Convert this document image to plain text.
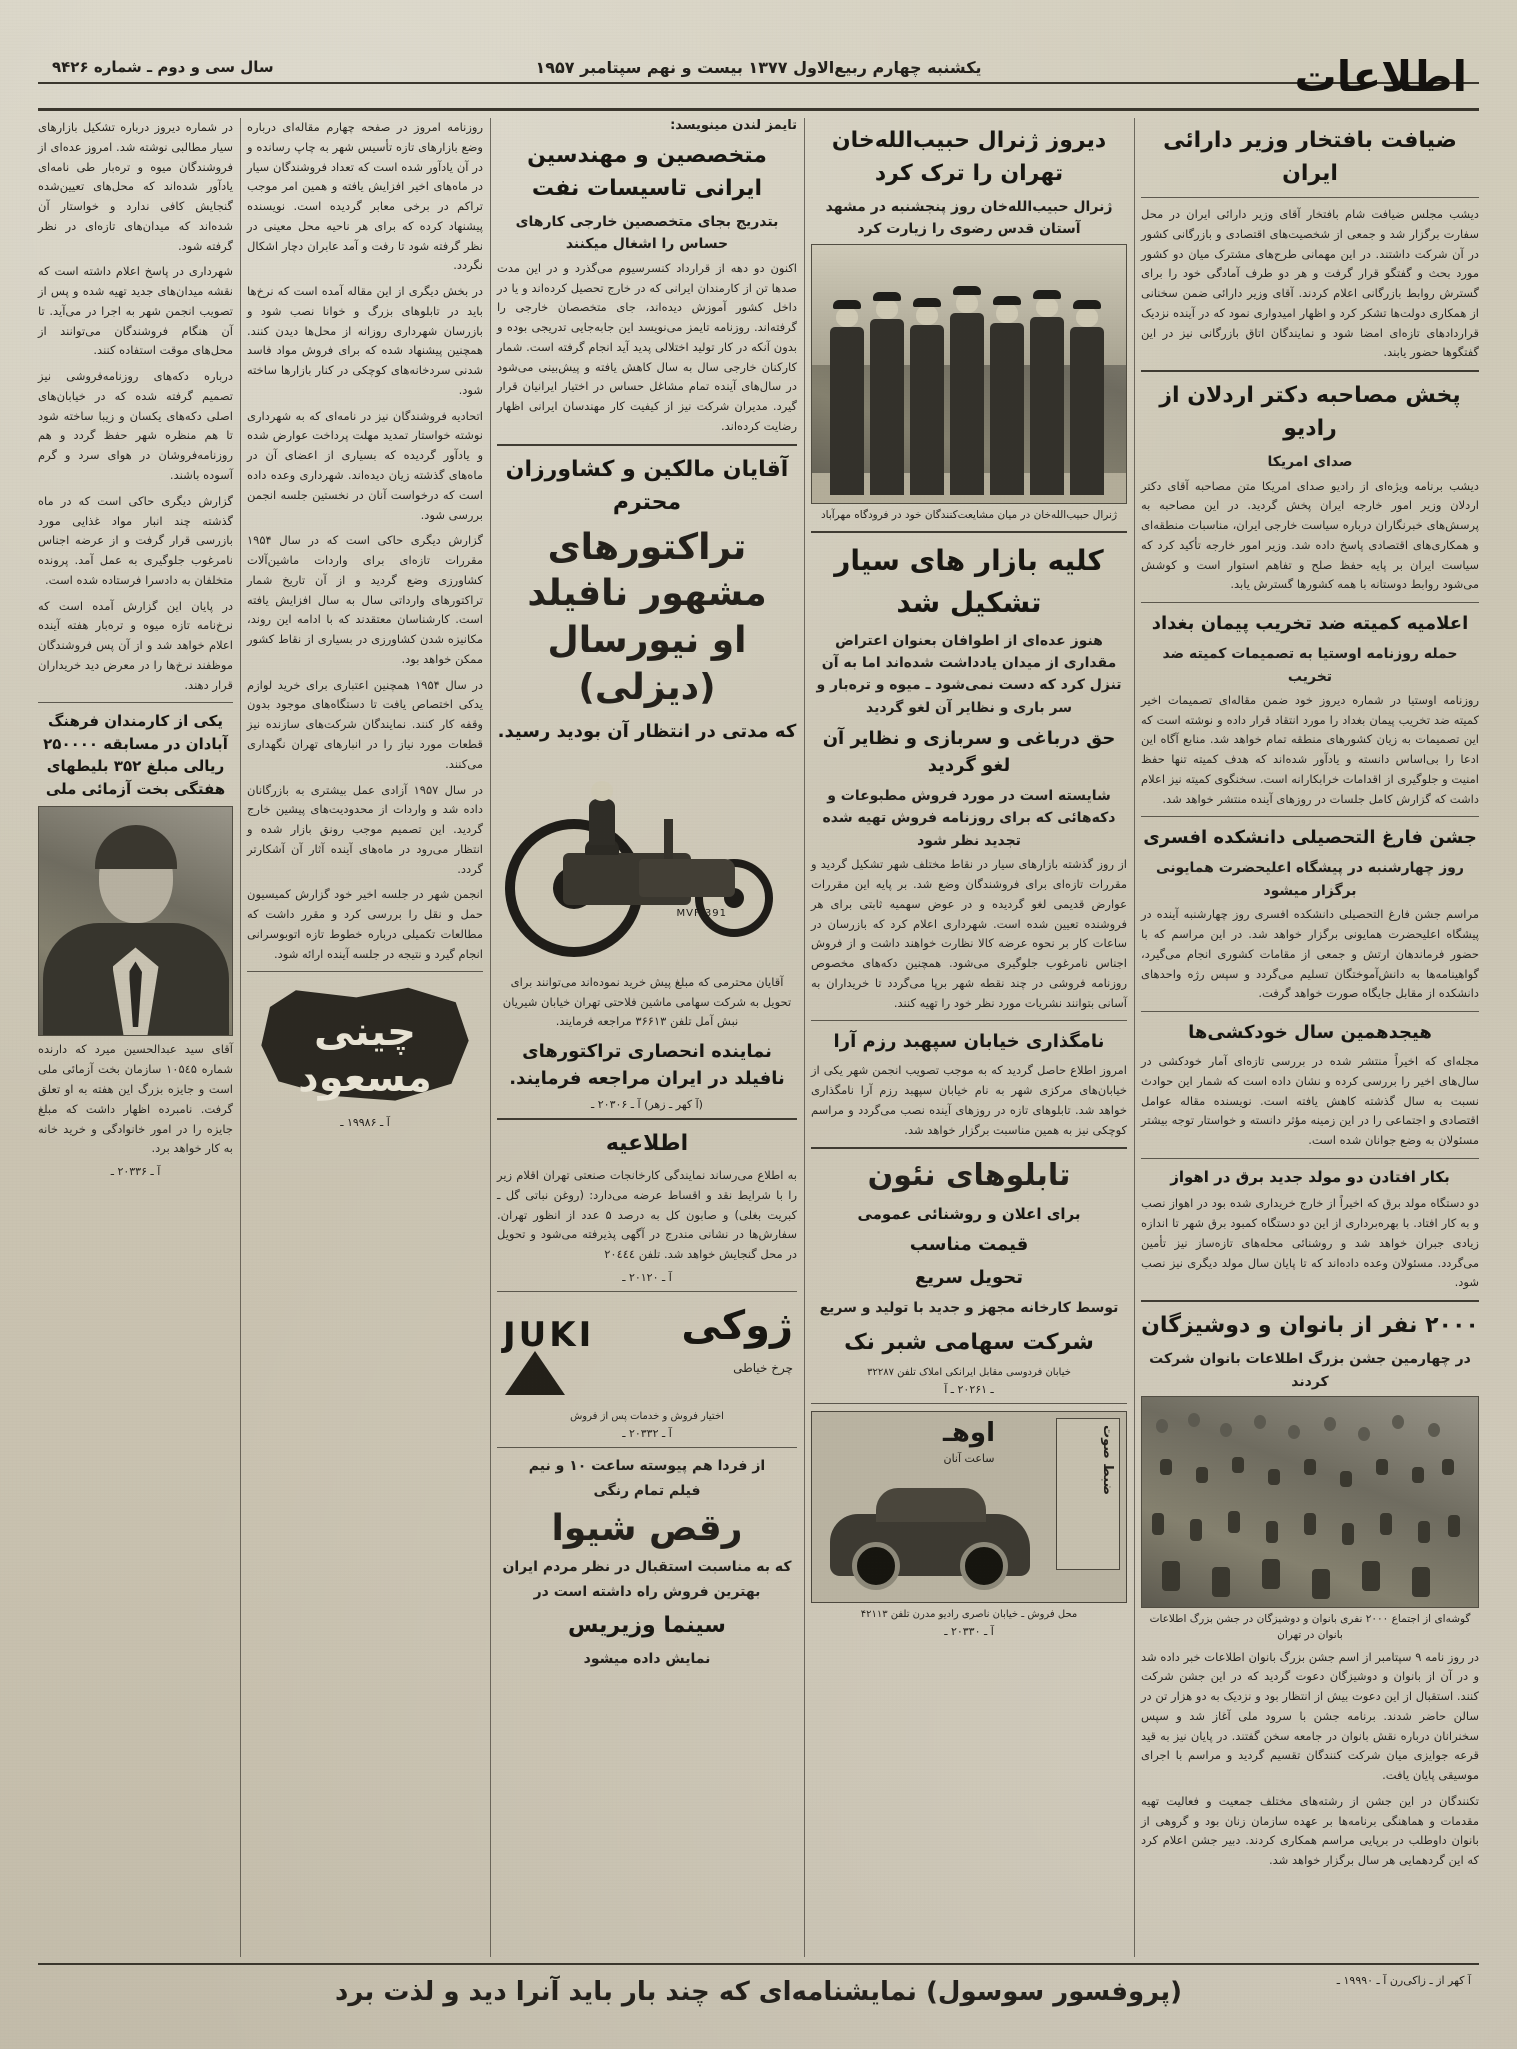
اطلاعات
یکشنبه چهارم ربیع‌الاول ۱۳۷۷ بیست و نهم سپتامبر ۱۹۵۷
سال سی و دوم ـ شماره ۹۴۲۶
ضیافت بافتخار وزیر دارائی ایران

دیشب مجلس ضیافت شام بافتخار آقای وزیر دارائی ایران در محل سفارت برگزار شد و جمعی از شخصیت‌های اقتصادی و بازرگانی کشور در آن شرکت داشتند. در این مهمانی طرح‌های مشترک میان دو کشور مورد بحث و گفتگو قرار گرفت و هر دو طرف آمادگی خود را برای گسترش روابط بازرگانی اعلام کردند. آقای وزیر دارائی ضمن سخنانی از همکاری دولت‌ها تشکر کرد و اظهار امیدواری نمود که در آینده نزدیک قراردادهای تازه‌ای امضا شود و نمایندگان اتاق بازرگانی نیز در این گفتگوها حضور یابند.

پخش مصاحبه دکتر اردلان از رادیو
صدای امریکا

دیشب برنامه ویژه‌ای از رادیو صدای امریکا متن مصاحبه آقای دکتر اردلان وزیر امور خارجه ایران پخش گردید. در این مصاحبه به پرسش‌های خبرنگاران درباره سیاست خارجی ایران، مناسبات منطقه‌ای و همکاری‌های اقتصادی پاسخ داده شد. وزیر امور خارجه تأکید کرد که سیاست ایران بر پایه حفظ صلح و تفاهم استوار است و کوشش می‌شود روابط دوستانه با همه کشورها گسترش یابد.

اعلامیه کمیته ضد تخریب پیمان بغداد
حمله روزنامه اوستیا به تصمیمات کمیته ضد تخریب

روزنامه اوستیا در شماره دیروز خود ضمن مقاله‌ای تصمیمات اخیر کمیته ضد تخریب پیمان بغداد را مورد انتقاد قرار داده و نوشته است که این تصمیمات به زیان کشورهای منطقه تمام خواهد شد. منابع آگاه این ادعا را بی‌اساس دانسته و یادآور شده‌اند که هدف کمیته تنها حفظ امنیت و جلوگیری از اقدامات خرابکارانه است. سخنگوی کمیته نیز اعلام داشت که گزارش کامل جلسات در روزهای آینده منتشر خواهد شد.

جشن فارغ التحصیلی دانشکده افسری
روز چهارشنبه در پیشگاه اعلیحضرت همایونی برگزار میشود

مراسم جشن فارغ التحصیلی دانشکده افسری روز چهارشنبه آینده در پیشگاه اعلیحضرت همایونی برگزار خواهد شد. در این مراسم که با حضور فرماندهان ارتش و جمعی از مقامات کشوری انجام می‌گیرد، گواهینامه‌ها به دانش‌آموختگان تسلیم می‌گردد و سپس رژه واحدهای دانشکده از مقابل جایگاه صورت خواهد گرفت.

هیجدهمین سال خودکشی‌ها

مجله‌ای که اخیراً منتشر شده در بررسی تازه‌ای آمار خودکشی در سال‌های اخیر را بررسی کرده و نشان داده است که شمار این حوادث نسبت به سال گذشته کاهش یافته است. نویسنده مقاله عوامل اقتصادی و اجتماعی را در این زمینه مؤثر دانسته و خواستار توجه بیشتر مسئولان به وضع جوانان شده است.

بکار افتادن دو مولد جدید برق در اهواز

دو دستگاه مولد برق که اخیراً از خارج خریداری شده بود در اهواز نصب و به کار افتاد. با بهره‌برداری از این دو دستگاه کمبود برق شهر تا اندازه زیادی جبران خواهد شد و روشنائی محله‌های تازه‌ساز نیز تأمین می‌گردد. مسئولان وعده داده‌اند که تا پایان سال مولد دیگری نیز نصب شود.

۲۰۰۰ نفر از بانوان و دوشیزگان
در چهارمین جشن بزرگ اطلاعات بانوان شرکت کردند
گوشه‌ای از اجتماع ۲۰۰۰ نفری بانوان و دوشیزگان در جشن بزرگ اطلاعات بانوان در تهران

در روز نامه ۹ سپتامبر از اسم جشن بزرگ بانوان اطلاعات خبر داده شد و در آن از بانوان و دوشیزگان دعوت گردید که در این جشن شرکت کنند. استقبال از این دعوت بیش از انتظار بود و نزدیک به دو هزار تن در سالن حاضر شدند. برنامه جشن با سرود ملی آغاز شد و سپس سخنرانان درباره نقش بانوان در جامعه سخن گفتند. در پایان نیز به قید قرعه جوایزی میان شرکت کنندگان تقسیم گردید و مراسم با اجرای موسیقی پایان یافت.

تکنندگان در این جشن از رشته‌های مختلف جمعیت و فعالیت تهیه مقدمات و هماهنگی برنامه‌ها بر عهده سازمان زنان بود و گروهی از بانوان داوطلب در برپایی مراسم همکاری کردند. دبیر جشن اعلام کرد که این گردهمایی هر سال برگزار خواهد شد.

دیروز ژنرال حبیب‌الله‌خان تهران را ترک کرد
ژنرال حبیب‌الله‌خان روز پنجشنبه در مشهد آستان قدس رضوی را زیارت کرد
ژنرال حبیب‌الله‌خان در میان مشایعت‌کنندگان خود در فرودگاه مهرآباد
کلیه بازار های سیار تشکیل شد
هنوز عده‌ای از اطوافان بعنوان اعتراض مقداری از میدان یادداشت شده‌اند اما به آن تنزل کرد که دست نمی‌شود ـ میوه و تره‌بار و سر باری و نظایر آن لغو گردید
حق درباغی و سربازی و نظایر آن لغو گردید
شایسته است در مورد فروش مطبوعات و دکه‌هائی که برای روزنامه فروش تهیه شده تجدید نظر شود

از روز گذشته بازارهای سیار در نقاط مختلف شهر تشکیل گردید و مقررات تازه‌ای برای فروشندگان وضع شد. بر پایه این مقررات عوارض قدیمی لغو گردیده و در عوض سهمیه ثابتی برای هر فروشنده تعیین شده است. شهرداری اعلام کرد که بازرسان در ساعات کار بر نحوه عرضه کالا نظارت خواهند داشت و از فروش اجناس نامرغوب جلوگیری می‌شود. همچنین دکه‌های مخصوص روزنامه فروشی در چند نقطه شهر برپا می‌گردد تا خریداران به آسانی بتوانند نشریات مورد نظر خود را تهیه کنند.

نامگذاری خیابان سپهبد رزم آرا

امروز اطلاع حاصل گردید که به موجب تصویب انجمن شهر یکی از خیابان‌های مرکزی شهر به نام خیابان سپهبد رزم آرا نامگذاری خواهد شد. تابلوهای تازه در روزهای آینده نصب می‌گردد و مراسم کوچکی نیز به همین مناسبت برگزار خواهد شد.

تابلوهای نئون
برای اعلان و روشنائی عمومی
قیمت مناسب
تحویل سریع
توسط کارخانه مجهز و جدید با تولید و سریع
شرکت سهامی شبر نک
خیابان فردوسی مقابل ایرانکی املاک تلفن ۳۲۲۸۷
ـ ۲۰۲۶۱ ـ آ
اوهـ
ساعت آنان	ضبط صوت
محل فروش ـ خیابان ناصری رادیو مدرن تلفن ۴۲۱۱۳
آ ـ ۲۰۳۳۰ ـ
تایمز لندن مینویسد:
متخصصین و مهندسین ایرانی تاسیسات نفت
بتدریج بجای متخصصین خارجی کارهای حساس را اشغال میکنند

اکنون دو دهه از قرارداد کنسرسیوم می‌گذرد و در این مدت صدها تن از کارمندان ایرانی که در خارج تحصیل کرده‌اند و یا در داخل کشور آموزش دیده‌اند، جای متخصصان خارجی را گرفته‌اند. روزنامه تایمز می‌نویسد این جابه‌جایی تدریجی بوده و بدون آنکه در کار تولید اختلالی پدید آید انجام گرفته است. شمار کارکنان خارجی سال به سال کاهش یافته و پیش‌بینی می‌شود در سال‌های آینده تمام مشاغل حساس در اختیار ایرانیان قرار گیرد. مدیران شرکت نیز از کیفیت کار مهندسان ایرانی اظهار رضایت کرده‌اند.

آقایان مالکین و کشاورزان محترم
تراکتورهای مشهور نافیلد
او نیورسال (دیزلی)
که مدتی در انتظار آن بودید رسید.
MVF 391

آقایان محترمی که مبلغ پیش خرید نموده‌اند می‌توانند برای تحویل به شرکت سهامی ماشین فلاحتی تهران خیابان شیریان نبش آمل تلفن ۳۶۶۱۳ مراجعه فرمایند.

نماینده انحصاری تراکتورهای نافیلد در ایران مراجعه فرمایند.
(آ کهر ـ زهر) آ ـ ۲۰۳۰۶ ـ
اطلاعیه

به اطلاع می‌رساند نمایندگی کارخانجات صنعتی تهران اقلام زیر را با شرایط نقد و اقساط عرضه می‌دارد: (روغن نباتی گل ـ کبریت بغلی) و صابون کل به درصد ۵ عدد از انظور تهران. سفارش‌ها در نشانی مندرج در آگهی پذیرفته می‌شود و تحویل در محل گنجایش خواهد شد. تلفن ۲۰٤٤٤

آ ـ ۲۰۱۲۰ ـ
JUKI ژوکی
چرخ خیاطی
اختیار فروش و خدمات پس از فروش
آ ـ ۲۰۳۳۲ ـ
از فردا هم پیوسته ساعت ۱۰ و نیم
فیلم تمام رنگی
رقص شیوا
که به مناسبت استقبال در نظر مردم ایران
بهترین فروش راه داشته است در
سینما وزیریس
نمایش داده میشود

روزنامه امروز در صفحه چهارم مقاله‌ای درباره وضع بازارهای تازه تأسیس شهر به چاپ رسانده و در آن یادآور شده است که تعداد فروشندگان سیار در ماه‌های اخیر افزایش یافته و همین امر موجب تراکم در برخی معابر گردیده است. نویسنده پیشنهاد کرده که برای هر ناحیه محل معینی در نظر گرفته شود تا رفت و آمد عابران دچار اشکال نگردد.

در بخش دیگری از این مقاله آمده است که نرخ‌ها باید در تابلوهای بزرگ و خوانا نصب شود و بازرسان شهرداری روزانه از محل‌ها دیدن کنند. همچنین پیشنهاد شده که برای فروش مواد فاسد شدنی سردخانه‌های کوچکی در کنار بازارها ساخته شود.

اتحادیه فروشندگان نیز در نامه‌ای که به شهرداری نوشته خواستار تمدید مهلت پرداخت عوارض شده و یادآور گردیده که بسیاری از اعضای آن در ماه‌های گذشته زیان دیده‌اند. شهرداری وعده داده است که درخواست آنان در نخستین جلسه انجمن بررسی شود.

گزارش دیگری حاکی است که در سال ۱۹۵۴ مقررات تازه‌ای برای واردات ماشین‌آلات کشاورزی وضع گردید و از آن تاریخ شمار تراکتورهای وارداتی سال به سال افزایش یافته است. کارشناسان معتقدند که با ادامه این روند، مکانیزه شدن کشاورزی در بسیاری از نقاط کشور ممکن خواهد بود.

در سال ۱۹۵۴ همچنین اعتباری برای خرید لوازم یدکی اختصاص یافت تا دستگاه‌های موجود بدون وقفه کار کنند. نمایندگان شرکت‌های سازنده نیز قطعات مورد نیاز را در انبارهای تهران نگهداری می‌کنند.

در سال ۱۹۵۷ آزادی عمل بیشتری به بازرگانان داده شد و واردات از محدودیت‌های پیشین خارج گردید. این تصمیم موجب رونق بازار شده و انتظار می‌رود در ماه‌های آینده آثار آن آشکارتر گردد.

انجمن شهر در جلسه اخیر خود گزارش کمیسیون حمل و نقل را بررسی کرد و مقرر داشت که مطالعات تکمیلی درباره خطوط تازه اتوبوسرانی انجام گیرد و نتیجه در جلسه آینده ارائه شود.

چینی مسعود
آ ـ ۱۹۹۸۶ ـ

در شماره دیروز درباره تشکیل بازارهای سیار مطالبی نوشته شد. امروز عده‌ای از فروشندگان میوه و تره‌بار طی نامه‌ای یادآور شده‌اند که محل‌های تعیین‌شده گنجایش کافی ندارد و خواستار آن شده‌اند که میدان‌های تازه‌ای در نظر گرفته شود.

شهرداری در پاسخ اعلام داشته است که نقشه میدان‌های جدید تهیه شده و پس از تصویب انجمن شهر به اجرا در می‌آید. تا آن هنگام فروشندگان می‌توانند از محل‌های موقت استفاده کنند.

درباره دکه‌های روزنامه‌فروشی نیز تصمیم گرفته شده که در خیابان‌های اصلی دکه‌های یکسان و زیبا ساخته شود تا هم منظره شهر حفظ گردد و هم روزنامه‌فروشان در هوای سرد و گرم آسوده باشند.

گزارش دیگری حاکی است که در ماه گذشته چند انبار مواد غذایی مورد بازرسی قرار گرفت و از عرضه اجناس نامرغوب جلوگیری به عمل آمد. پرونده متخلفان به دادسرا فرستاده شده است.

در پایان این گزارش آمده است که نرخ‌نامه تازه میوه و تره‌بار هفته آینده اعلام خواهد شد و از آن پس فروشندگان موظفند نرخ‌ها را در معرض دید خریداران قرار دهند.

یکی از کارمندان فرهنگ آبادان در مسابقه ۲۵۰۰۰۰ ریالی مبلغ ۳۵۲ بلیطهای هفتگی بخت آزمائی ملی

آقای سید عبدالحسین میرد که دارنده شماره ۱۰۵٤۵ سازمان بخت آزمائی ملی است و جایزه بزرگ این هفته به او تعلق گرفت. نامبرده اظهار داشت که مبلغ جایزه را در امور خانوادگی و خرید خانه به کار خواهد برد.

آ ـ ۲۰۳۳۶ ـ
(پروفسور سوسول) نمایشنامه‌ای که چند بار باید آنرا دید و لذت برد	آ کهر از ـ زاکی‌رن آ ـ ۱۹۹۹۰ ـ
